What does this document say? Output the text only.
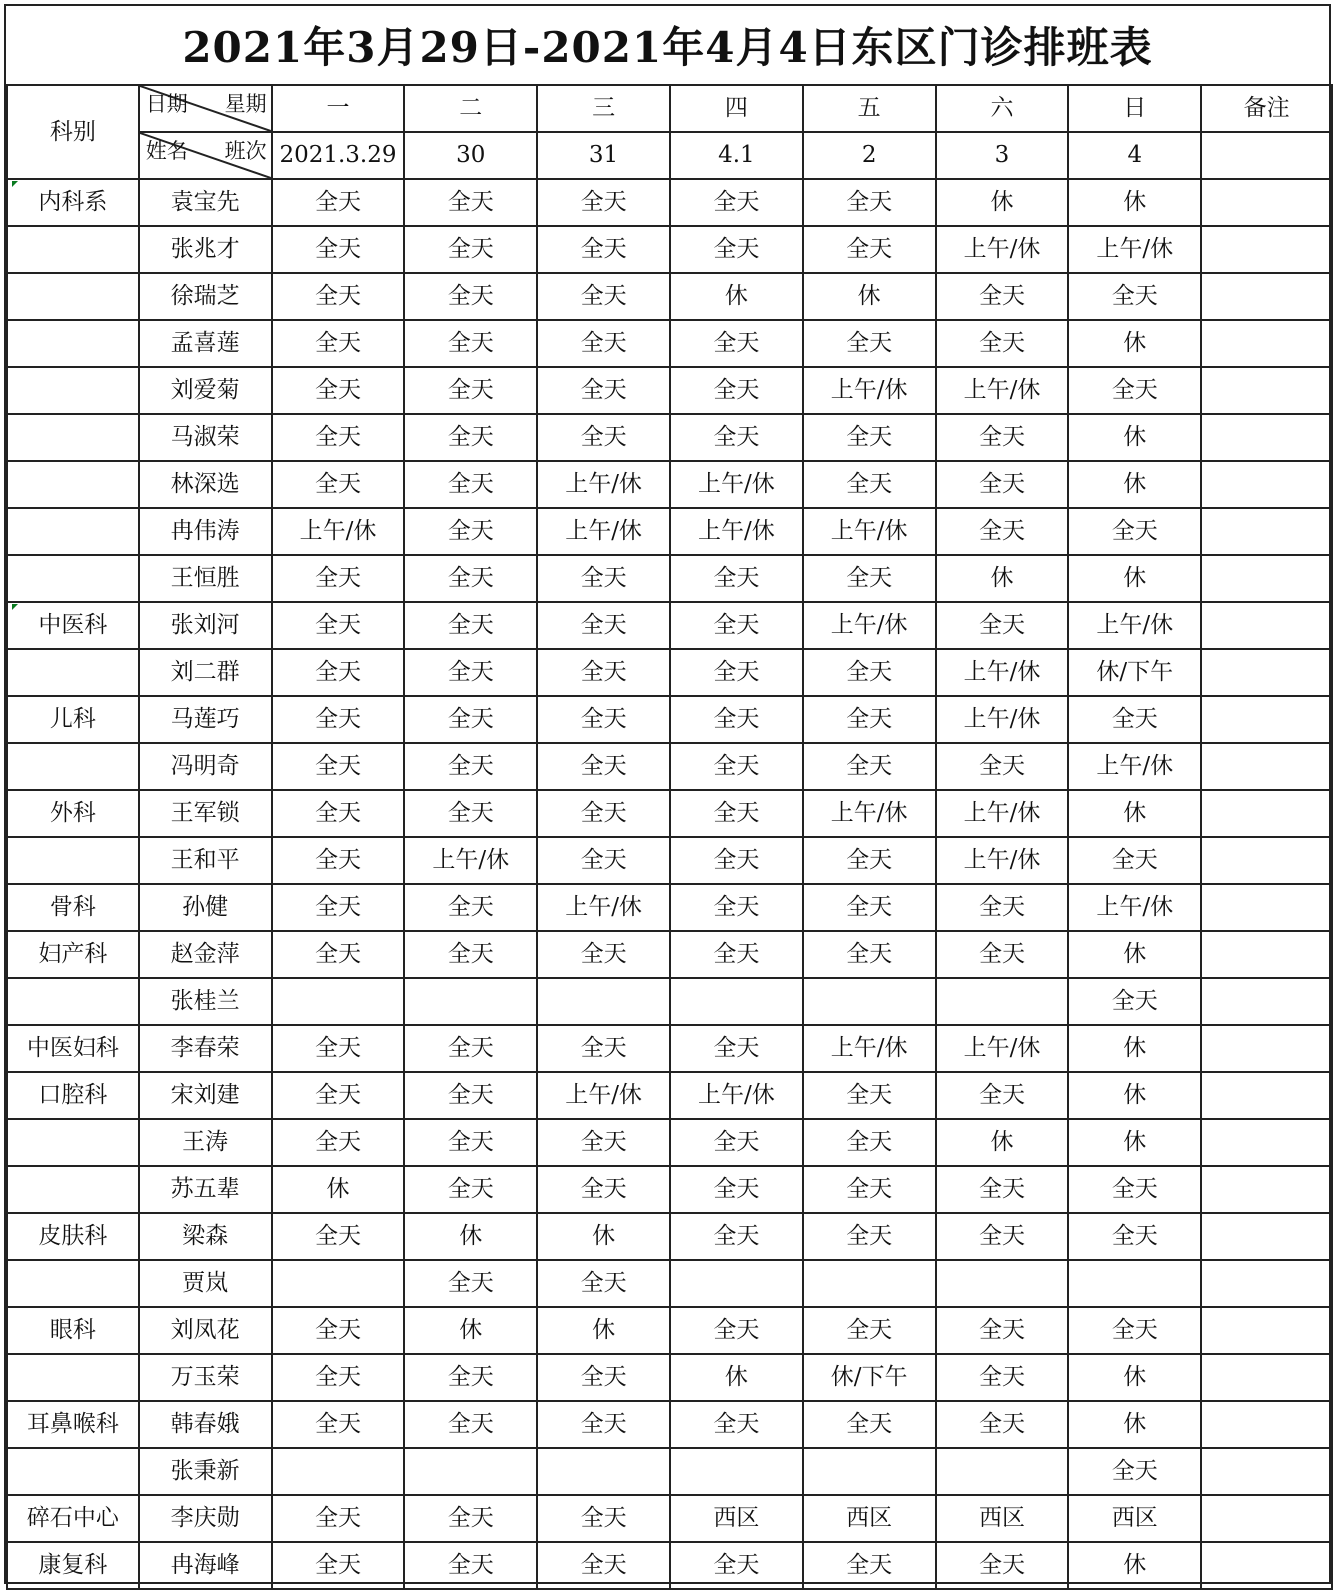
2021年3月29日-2021年4月4日东区门诊排班表
科别	日期 星期	一	二	三	四	五	六	日	备注

	姓名 班次	2021.3.29	30	31	4.1	2	3	4	
内科系	袁宝先	全天	全天	全天	全天	全天	休	休	
	张兆才	全天	全天	全天	全天	全天	上午/休	上午/休	
	徐瑞芝	全天	全天	全天	休	休	全天	全天	
	孟喜莲	全天	全天	全天	全天	全天	全天	休	
	刘爱菊	全天	全天	全天	全天	上午/休	上午/休	全天	
	马淑荣	全天	全天	全天	全天	全天	全天	休	
	林深选	全天	全天	上午/休	上午/休	全天	全天	休	
	冉伟涛	上午/休	全天	上午/休	上午/休	上午/休	全天	全天	
	王恒胜	全天	全天	全天	全天	全天	休	休	
中医科	张刘河	全天	全天	全天	全天	上午/休	全天	上午/休	
	刘二群	全天	全天	全天	全天	全天	上午/休	休/下午	
儿科	马莲巧	全天	全天	全天	全天	全天	上午/休	全天	
	冯明奇	全天	全天	全天	全天	全天	全天	上午/休	
外科	王军锁	全天	全天	全天	全天	上午/休	上午/休	休	
	王和平	全天	上午/休	全天	全天	全天	上午/休	全天	
骨科	孙健	全天	全天	上午/休	全天	全天	全天	上午/休	
妇产科	赵金萍	全天	全天	全天	全天	全天	全天	休	
	张桂兰							全天	
中医妇科	李春荣	全天	全天	全天	全天	上午/休	上午/休	休	
口腔科	宋刘建	全天	全天	上午/休	上午/休	全天	全天	休	
	王涛	全天	全天	全天	全天	全天	休	休	
	苏五辈	休	全天	全天	全天	全天	全天	全天	
皮肤科	梁森	全天	休	休	全天	全天	全天	全天	
	贾岚		全天	全天					
眼科	刘凤花	全天	休	休	全天	全天	全天	全天	
	万玉荣	全天	全天	全天	休	休/下午	全天	休	
耳鼻喉科	韩春娥	全天	全天	全天	全天	全天	全天	休	
	张秉新							全天	
碎石中心	李庆勋	全天	全天	全天	西区	西区	西区	西区	
康复科	冉海峰	全天	全天	全天	全天	全天	全天	休	
